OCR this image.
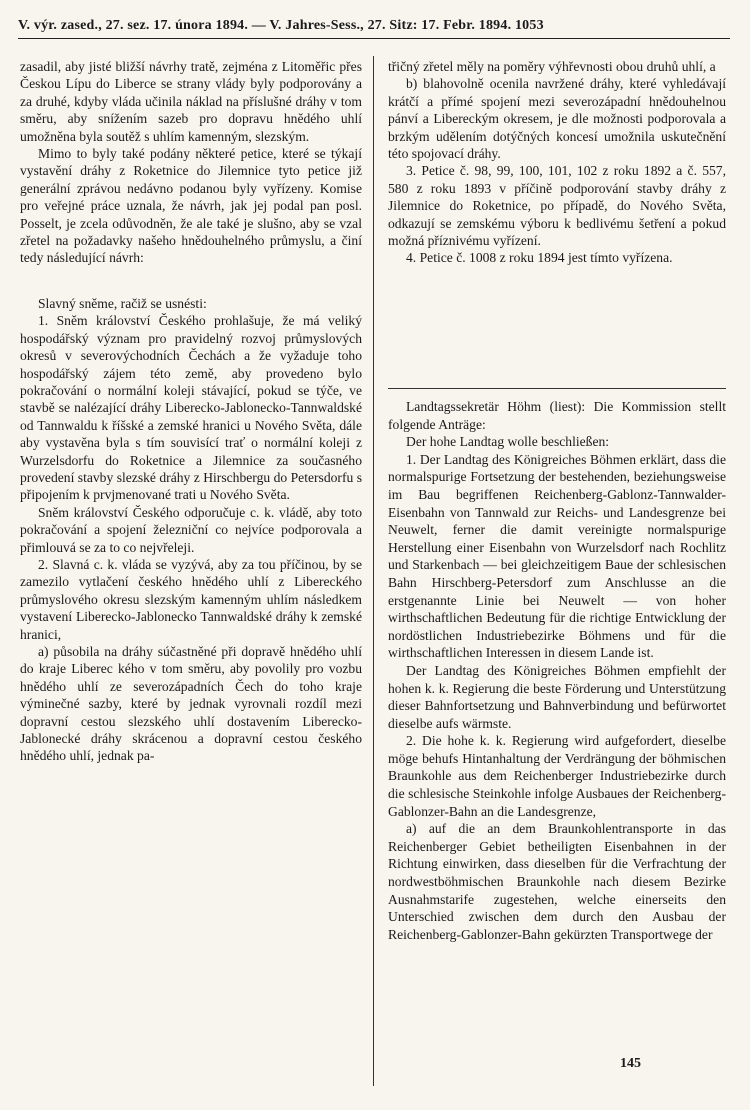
V. výr. zased., 27. sez. 17. února 1894. — V. Jahres-Sess., 27. Sitz: 17. Febr. 1894. 1053

zasadil, aby jisté bližší návrhy tratě, zejména z Litoměřic přes Českou Lípu do Liberce se strany vlády byly podporovány a za druhé, kdyby vláda učinila náklad na příslušné dráhy v tom směru, aby snížením sazeb pro dopravu hnědého uhlí umožněna byla soutěž s uhlím kamenným, slezským.

Mimo to byly také podány některé petice, které se týkají vystavění dráhy z Roketnice do Jilemnice tyto petice již generální zprávou nedávno podanou byly vyřízeny. Komise pro veřejné práce uznala, že návrh, jak jej podal pan posl. Posselt, je zcela odůvodněn, že ale také je slušno, aby se vzal zřetel na požadavky našeho hnědouhelného průmyslu, a činí tedy následující návrh:

Slavný sněme, račiž se usnésti:

1. Sněm království Českého prohlašuje, že má veliký hospodářský význam pro pravidelný rozvoj průmyslových okresů v severovýchodních Čechách a že vyžaduje toho hospodářský zájem této země, aby provedeno bylo pokračování o normální koleji stávající, pokud se týče, ve stavbě se nalézající dráhy Liberecko-Jablonecko-Tannwaldské od Tannwaldu k říšské a zemské hranici u Nového Světa, dále aby vystavěna byla s tím souvisící trať o normální koleji z Wurzelsdorfu do Roketnice a Jilemnice za současného provedení stavby slezské dráhy z Hirschbergu do Petersdorfu s připojením k prvjmenované trati u Nového Světa.

Sněm království Českého odporučuje c. k. vládě, aby toto pokračování a spojení železniční co nejvíce podporovala a přimlouvá se za to co nejvřeleji.

2. Slavná c. k. vláda se vyzývá, aby za tou příčinou, by se zamezilo vytlačení českého hnědého uhlí z Libereckého průmyslového okresu slezským kamenným uhlím následkem vystavení Liberecko-Jablonecko Tannwaldské dráhy k zemské hranici,

a) působila na dráhy súčastněné při dopravě hnědého uhlí do kraje Liberec kého v tom směru, aby povolily pro vozbu hnědého uhlí ze severozápadních Čech do toho kraje výminečné sazby, které by jednak vyrovnali rozdíl mezi dopravní cestou slezského uhlí dostavením Liberecko-Jablonecké dráhy skrácenou a dopravní cestou českého hnědého uhlí, jednak pa-

třičný zřetel měly na poměry výhřevnosti obou druhů uhlí, a

b) blahovolně ocenila navržené dráhy, které vyhledávají krátčí a přímé spojení mezi severozápadní hnědouhelnou pánví a Libereckým okresem, je dle možnosti podporovala a brzkým udělením dotýčných koncesí umožnila uskutečnění této spojovací dráhy.

3. Petice č. 98, 99, 100, 101, 102 z roku 1892 a č. 557, 580 z roku 1893 v příčině podporování stavby dráhy z Jilemnice do Roketnice, po případě, do Nového Světa, odkazují se zemskému výboru k bedlivému šetření a pokud možná příznivému vyřízení.

4. Petice č. 1008 z roku 1894 jest tímto vyřízena.

Landtagssekretär Höhm (liest): Die Kommission stellt folgende Anträge:

Der hohe Landtag wolle beschließen:

1. Der Landtag des Königreiches Böhmen erklärt, dass die normalspurige Fortsetzung der bestehenden, beziehungsweise im Bau begriffenen Reichenberg-Gablonz-Tannwalder-Eisenbahn von Tannwald zur Reichs- und Landesgrenze bei Neuwelt, ferner die damit vereinigte normalspurige Herstellung einer Eisenbahn von Wurzelsdorf nach Rochlitz und Starkenbach — bei gleichzeitigem Baue der schlesischen Bahn Hirschberg-Petersdorf zum Anschlusse an die erstgenannte Linie bei Neuwelt — von hoher wirthschaftlichen Bedeutung für die richtige Entwicklung der nordöstlichen Industriebezirke Böhmens und für die wirthschaftlichen Interessen in diesem Lande ist.

Der Landtag des Königreiches Böhmen empfiehlt der hohen k. k. Regierung die beste Förderung und Unterstützung dieser Bahnfortsetzung und Bahnverbindung und befürwortet dieselbe aufs wärmste.

2. Die hohe k. k. Regierung wird aufgefordert, dieselbe möge behufs Hintanhaltung der Verdrängung der böhmischen Braunkohle aus dem Reichenberger Industriebezirke durch die schlesische Steinkohle infolge Ausbaues der Reichenberg-Gablonzer-Bahn an die Landesgrenze,

a) auf die an dem Braunkohlentransporte in das Reichenberger Gebiet betheiligten Eisenbahnen in der Richtung einwirken, dass dieselben für die Verfrachtung der nordwestböhmischen Braunkohle nach diesem Bezirke Ausnahmstarife zugestehen, welche einerseits den Unterschied zwischen dem durch den Ausbau der Reichenberg-Gablonzer-Bahn gekürzten Transportwege der

145
